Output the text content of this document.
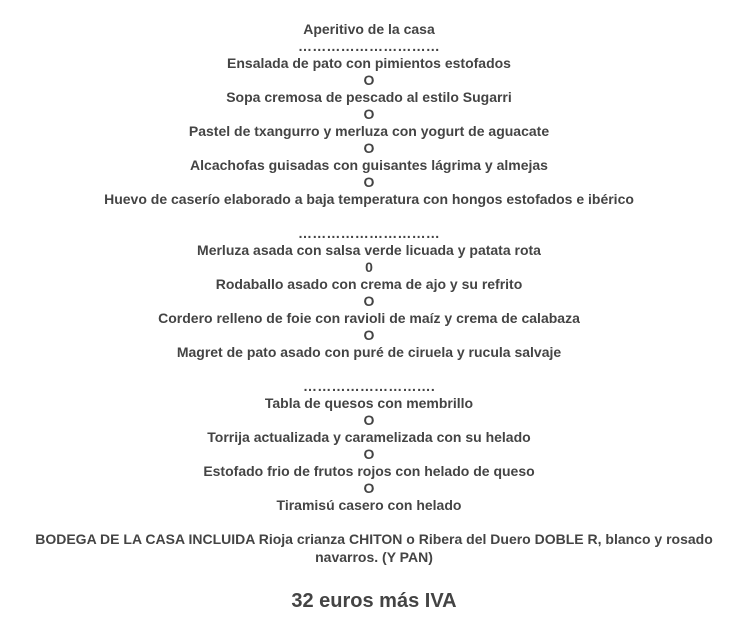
Aperitivo de la casa
…………………………
Ensalada de pato con pimientos estofados
O
Sopa cremosa de pescado al estilo Sugarri
O
Pastel de txangurro y merluza con yogurt de aguacate
O
Alcachofas guisadas con guisantes lágrima y almejas
O
Huevo de caserío elaborado a baja temperatura con hongos estofados e ibérico
…………………………
Merluza asada con salsa verde licuada y patata rota
0
Rodaballo asado con crema de ajo y su refrito
O
Cordero relleno de foie con ravioli de maíz y crema de calabaza
O
Magret de pato asado con puré de ciruela y rucula salvaje
……………………….
Tabla de quesos con membrillo
O
Torrija actualizada y caramelizada con su helado
O
Estofado frio de frutos rojos con helado de queso
O
Tiramisú casero con helado
BODEGA DE LA CASA INCLUIDA Rioja crianza CHITON o Ribera del Duero DOBLE R, blanco y rosado navarros. (Y PAN)
32 euros más IVA
